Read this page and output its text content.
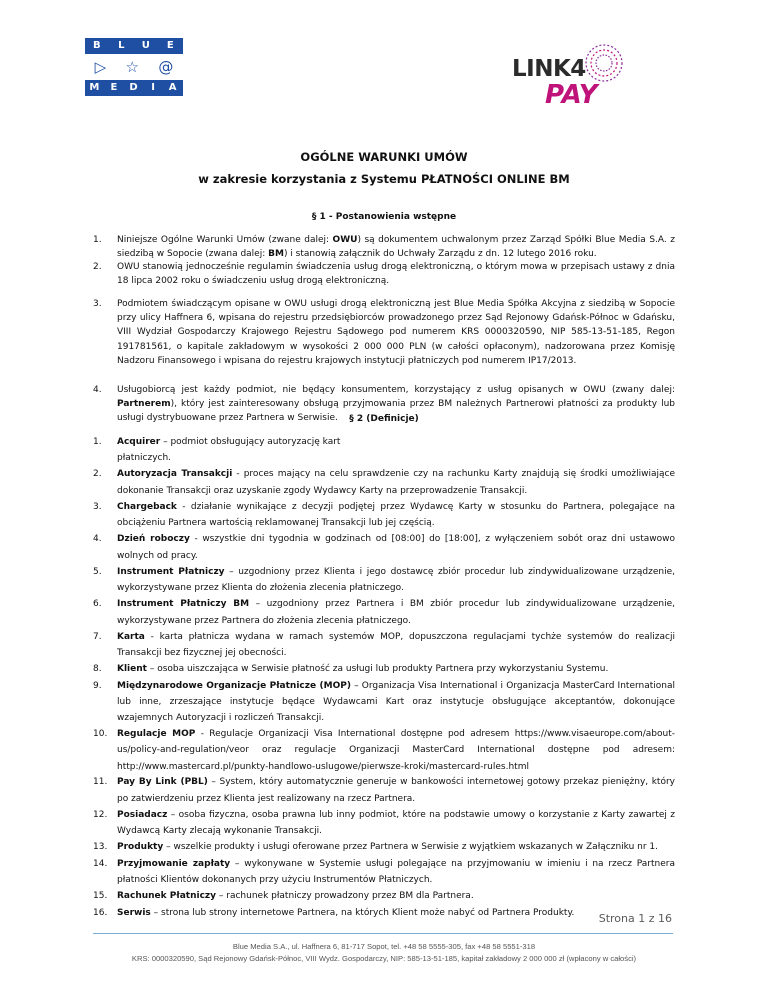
B	L	U	E
▷ ☆ @
M	E	D	I	A
LINK4
PAY
OGÓLNE WARUNKI UMÓW
w zakresie korzystania z Systemu PŁATNOŚCI ONLINE BM
§ 1 - Postanowienia wstępne
1. Niniejsze Ogólne Warunki Umów (zwane dalej: OWU) są dokumentem uchwalonym przez Zarząd Spółki Blue Media S.A. z siedzibą w Sopocie (zwana dalej: BM) i stanowią załącznik do Uchwały Zarządu z dn. 12 lutego 2016 roku.
2. OWU stanowią jednocześnie regulamin świadczenia usług drogą elektroniczną, o którym mowa w przepisach ustawy z dnia 18 lipca 2002 roku o świadczeniu usług drogą elektroniczną.
3. Podmiotem świadczącym opisane w OWU usługi drogą elektroniczną jest Blue Media Spółka Akcyjna z siedzibą w Sopocie przy ulicy Haffnera 6, wpisana do rejestru przedsiębiorców prowadzonego przez Sąd Rejonowy Gdańsk-Północ w Gdańsku, VIII Wydział Gospodarczy Krajowego Rejestru Sądowego pod numerem KRS 0000320590, NIP 585-13-51-185, Regon 191781561, o kapitale zakładowym w wysokości 2 000 000 PLN (w całości opłaconym), nadzorowana przez Komisję Nadzoru Finansowego i wpisana do rejestru krajowych instytucji płatniczych pod numerem IP17/2013.
4. Usługobiorcą jest każdy podmiot, nie będący konsumentem, korzystający z usług opisanych w OWU (zwany dalej: Partnerem), który jest zainteresowany obsługą przyjmowania przez BM należnych Partnerowi płatności za produkty lub usługi dystrybuowane przez Partnera w Serwisie.	§ 2 (Definicje)
1. Acquirer – podmiot obsługujący autoryzację kart
płatniczych.
2. Autoryzacja Transakcji - proces mający na celu sprawdzenie czy na rachunku Karty znajdują się środki umożliwiające dokonanie Transakcji oraz uzyskanie zgody Wydawcy Karty na przeprowadzenie Transakcji.
3. Chargeback - działanie wynikające z decyzji podjętej przez Wydawcę Karty w stosunku do Partnera, polegające na obciążeniu Partnera wartością reklamowanej Transakcji lub jej częścią.
4. Dzień roboczy - wszystkie dni tygodnia w godzinach od [08:00] do [18:00], z wyłączeniem sobót oraz dni ustawowo wolnych od pracy.
5. Instrument Płatniczy – uzgodniony przez Klienta i jego dostawcę zbiór procedur lub zindywidualizowane urządzenie, wykorzystywane przez Klienta do złożenia zlecenia płatniczego.
6. Instrument Płatniczy BM – uzgodniony przez Partnera i BM zbiór procedur lub zindywidualizowane urządzenie, wykorzystywane przez Partnera do złożenia zlecenia płatniczego.
7. Karta - karta płatnicza wydana w ramach systemów MOP, dopuszczona regulacjami tychże systemów do realizacji Transakcji bez fizycznej jej obecności.
8. Klient – osoba uiszczająca w Serwisie płatność za usługi lub produkty Partnera przy wykorzystaniu Systemu.
9. Międzynarodowe Organizacje Płatnicze (MOP) – Organizacja Visa International i Organizacja MasterCard International lub inne, zrzeszające instytucje będące Wydawcami Kart oraz instytucje obsługujące akceptantów, dokonujące wzajemnych Autoryzacji i rozliczeń Transakcji.
10. Regulacje MOP - Regulacje Organizacji Visa International dostępne pod adresem https://www.visaeurope.com/about-us/policy-and-regulation/veor oraz regulacje Organizacji MasterCard International dostępne pod adresem: http://www.mastercard.pl/punkty-handlowo-uslugowe/pierwsze-kroki/mastercard-rules.html
11. Pay By Link (PBL) – System, który automatycznie generuje w bankowości internetowej gotowy przekaz pieniężny, który po zatwierdzeniu przez Klienta jest realizowany na rzecz Partnera.
12. Posiadacz – osoba fizyczna, osoba prawna lub inny podmiot, które na podstawie umowy o korzystanie z Karty zawartej z Wydawcą Karty zlecają wykonanie Transakcji.
13. Produkty – wszelkie produkty i usługi oferowane przez Partnera w Serwisie z wyjątkiem wskazanych w Załączniku nr 1.
14. Przyjmowanie zapłaty – wykonywane w Systemie usługi polegające na przyjmowaniu w imieniu i na rzecz Partnera płatności Klientów dokonanych przy użyciu Instrumentów Płatniczych.
15. Rachunek Płatniczy – rachunek płatniczy prowadzony przez BM dla Partnera.
16. Serwis – strona lub strony internetowe Partnera, na których Klient może nabyć od Partnera Produkty.	Strona 1 z 16
Blue Media S.A., ul. Haffnera 6, 81-717 Sopot, tel. +48 58 5555-305, fax +48 58 5551-318
KRS: 0000320590, Sąd Rejonowy Gdańsk-Północ, VIII Wydz. Gospodarczy, NIP: 585-13-51-185, kapitał zakładowy 2 000 000 zł (wpłacony w całości)
